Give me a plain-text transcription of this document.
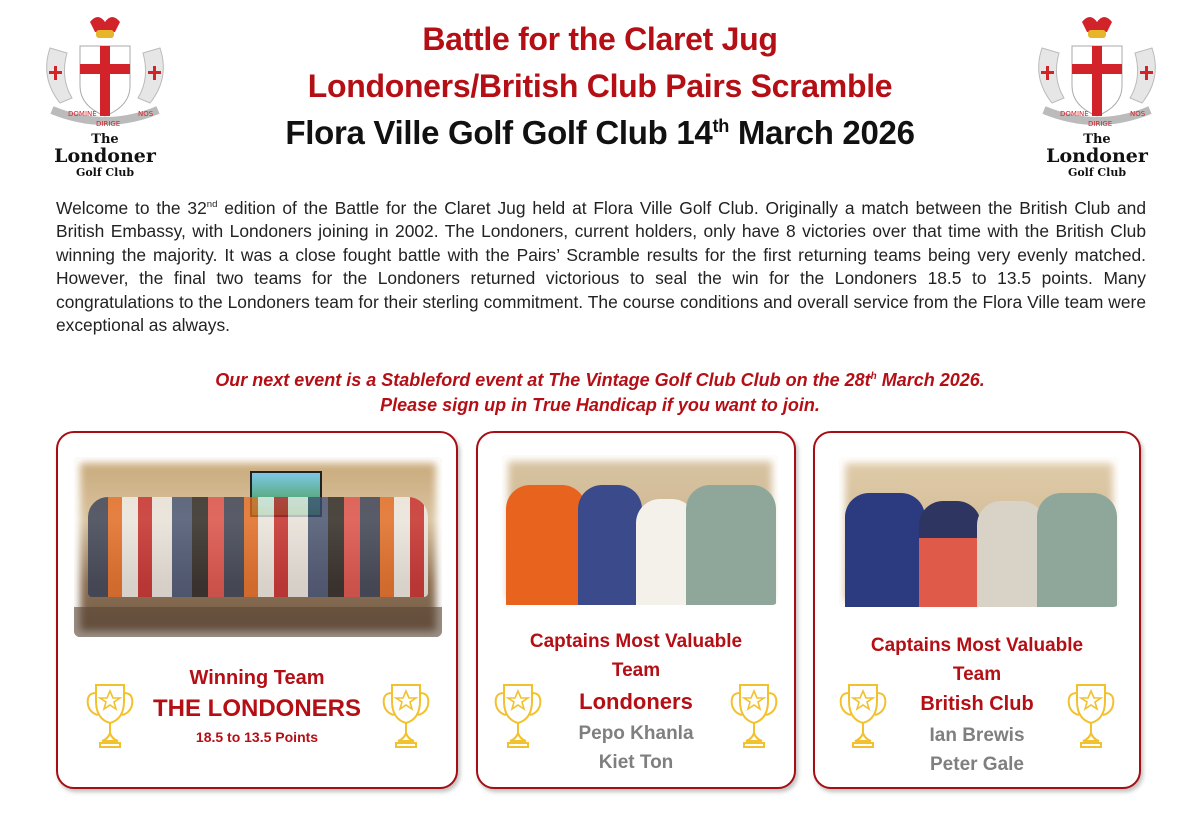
DOMINE
DIRIGE
NOS
The
Londoner
Golf Club
DOMINE
DIRIGE
NOS
The
Londoner
Golf Club
Battle for the Claret Jug
Londoners/British Club Pairs Scramble
Flora Ville Golf Golf Club 14th March 2026
Welcome to the 32nd edition of the Battle for the Claret Jug held at Flora Ville Golf Club. Originally a match between the British Club and British Embassy, with Londoners joining in 2002. The Londoners, current holders, only have 8 victories over that time with the British Club winning the majority. It was a close fought battle with the Pairs’ Scramble results for the first returning teams being very evenly matched. However, the final two teams for the Londoners returned victorious to seal the win for the Londoners 18.5 to 13.5 points. Many congratulations to the Londoners team for their sterling commitment. The course conditions and overall service from the Flora Ville team were exceptional as always.
Our next event is a Stableford event at The Vintage Golf Club Club on the $28t^h$ March 2026.
Please sign up in True Handicap if you want to join.
Winning Team
THE LONDONERS
18.5 to 13.5 Points
Captains Most Valuable
Team
Londoners
Pepo Khanla
Kiet Ton
Captains Most Valuable
Team
British Club
Ian Brewis
Peter Gale
